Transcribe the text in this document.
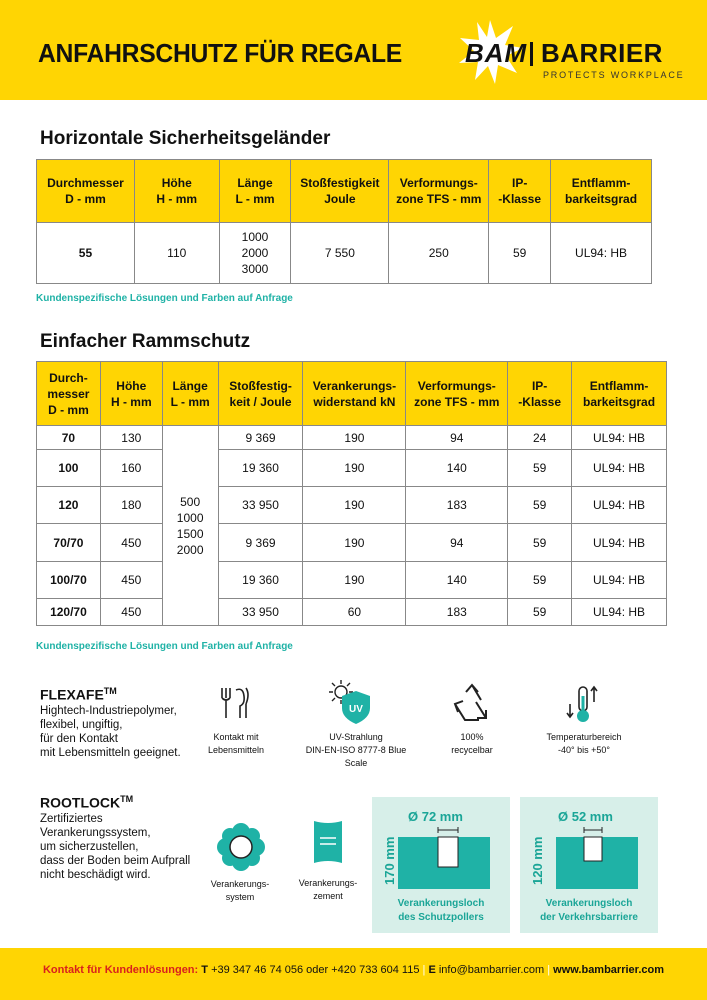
ANFAHRSCHUTZ FÜR REGALE BAM BARRIER
PROTECTS WORKPLACE
Horizontale Sicherheitsgeländer
Durchmesser
D - mm	Höhe
H - mm	Länge
L - mm	Stoßfestigkeit
Joule	Verformungs-
zone TFS - mm	IP-
-Klasse	Entflamm-
barkeitsgrad
55	110	1000
2000
3000	7 550	250	59	UL94: HB
Kundenspezifische Lösungen und Farben auf Anfrage
Einfacher Rammschutz
Durch-
messer
D - mm	Höhe
H - mm	Länge
L - mm	Stoßfestig-
keit / Joule	Verankerungs-
widerstand kN	Verformungs-
zone TFS - mm	IP-
-Klasse	Entflamm-
barkeitsgrad
70	130	500
1000
1500
2000	9 369	190	94	24	UL94: HB
100	160		19 360	190	140	59	UL94: HB
120	180		33 950	190	183	59	UL94: HB
70/70	450		9 369	190	94	59	UL94: HB
100/70	450		19 360	190	140	59	UL94: HB
120/70	450		33 950	60	183	59	UL94: HB
Kundenspezifische Lösungen und Farben auf Anfrage
FLEXAFE™
Hightech-Industriepolymer,
flexibel, ungiftig,
für den Kontakt
mit Lebensmitteln geeignet.
Kontakt mit
Lebensmitteln
UV
UV-Strahlung
DIN-EN-ISO 8777-8 Blue
Scale
100%
recycelbar
Temperaturbereich
-40° bis +50°
ROOTLOCK™
Zertifiziertes
Verankerungssystem,
um sicherzustellen,
dass der Boden beim Aufprall
nicht beschädigt wird.
Verankerungs-
system
Verankerungs-
zement
Ø 72 mm
170 mm
Verankerungsloch
des Schutzpollers
Ø 52 mm
120 mm
Verankerungsloch
der Verkehrsbarriere
Kontakt für Kundenlösungen: T +39 347 46 74 056 oder +420 733 604 115 | E info@bambarrier.com | www.bambarrier.com
